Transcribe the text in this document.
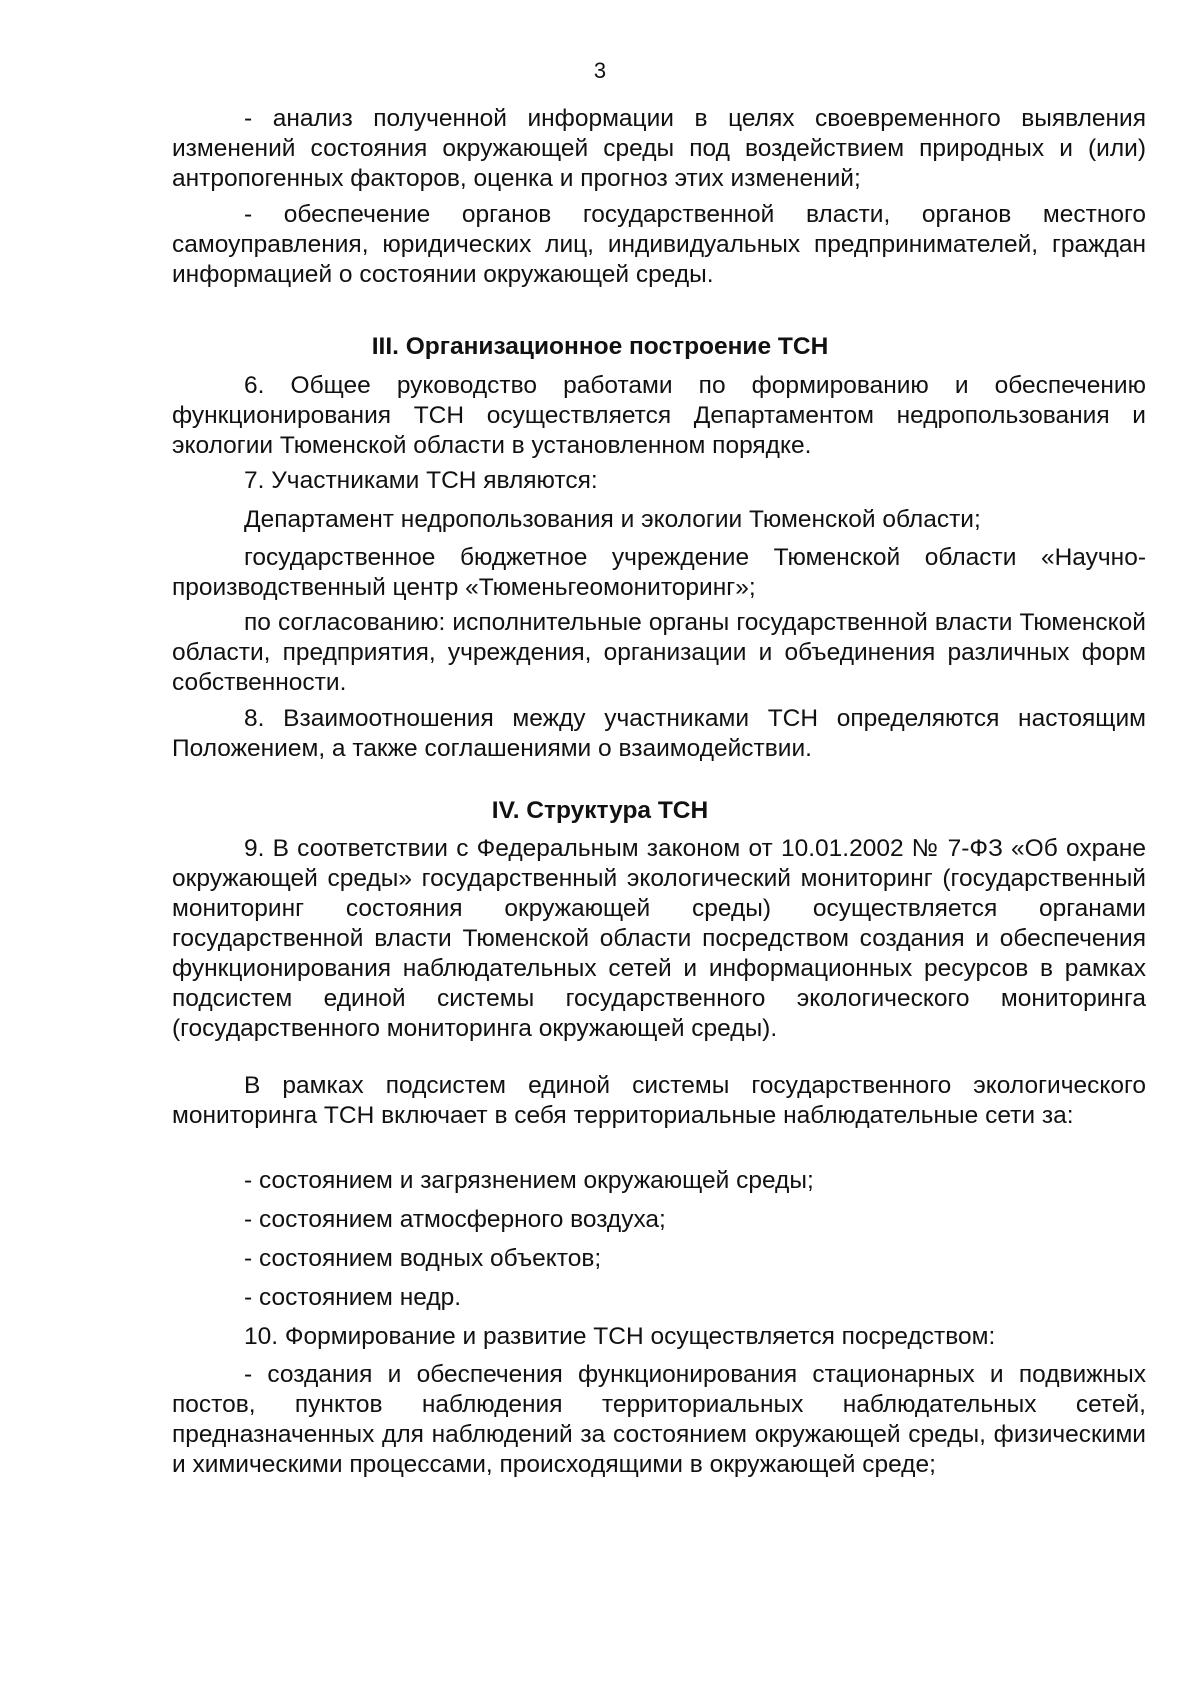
3

- анализ полученной информации в целях своевременного выявления изменений состояния окружающей среды под воздействием природных и (или) антропогенных факторов, оценка и прогноз этих изменений;

- обеспечение органов государственной власти, органов местного самоуправления, юридических лиц, индивидуальных предпринимателей, граждан информацией о состоянии окружающей среды.

III. Организационное построение ТСН

6. Общее руководство работами по формированию и обеспечению функционирования ТСН осуществляется Департаментом недропользования и экологии Тюменской области в установленном порядке.

7. Участниками ТСН являются:

Департамент недропользования и экологии Тюменской области;

государственное бюджетное учреждение Тюменской области «Научно-производственный центр «Тюменьгеомониторинг»;

по согласованию: исполнительные органы государственной власти Тюменской области, предприятия, учреждения, организации и объединения различных форм собственности.

8. Взаимоотношения между участниками ТСН определяются настоящим Положением, а также соглашениями о взаимодействии.

IV. Структура ТСН

9. В соответствии с Федеральным законом от 10.01.2002 № 7-ФЗ «Об охране окружающей среды» государственный экологический мониторинг (государственный мониторинг состояния окружающей среды) осуществляется органами государственной власти Тюменской области посредством создания и обеспечения функционирования наблюдательных сетей и информационных ресурсов в рамках подсистем единой системы государственного экологического мониторинга (государственного мониторинга окружающей среды).

В рамках подсистем единой системы государственного экологического мониторинга ТСН включает в себя территориальные наблюдательные сети за:

- состоянием и загрязнением окружающей среды;

- состоянием атмосферного воздуха;

- состоянием водных объектов;

- состоянием недр.

10. Формирование и развитие ТСН осуществляется посредством:

- создания и обеспечения функционирования стационарных и подвижных постов, пунктов наблюдения территориальных наблюдательных сетей, предназначенных для наблюдений за состоянием окружающей среды, физическими и химическими процессами, происходящими в окружающей среде;
